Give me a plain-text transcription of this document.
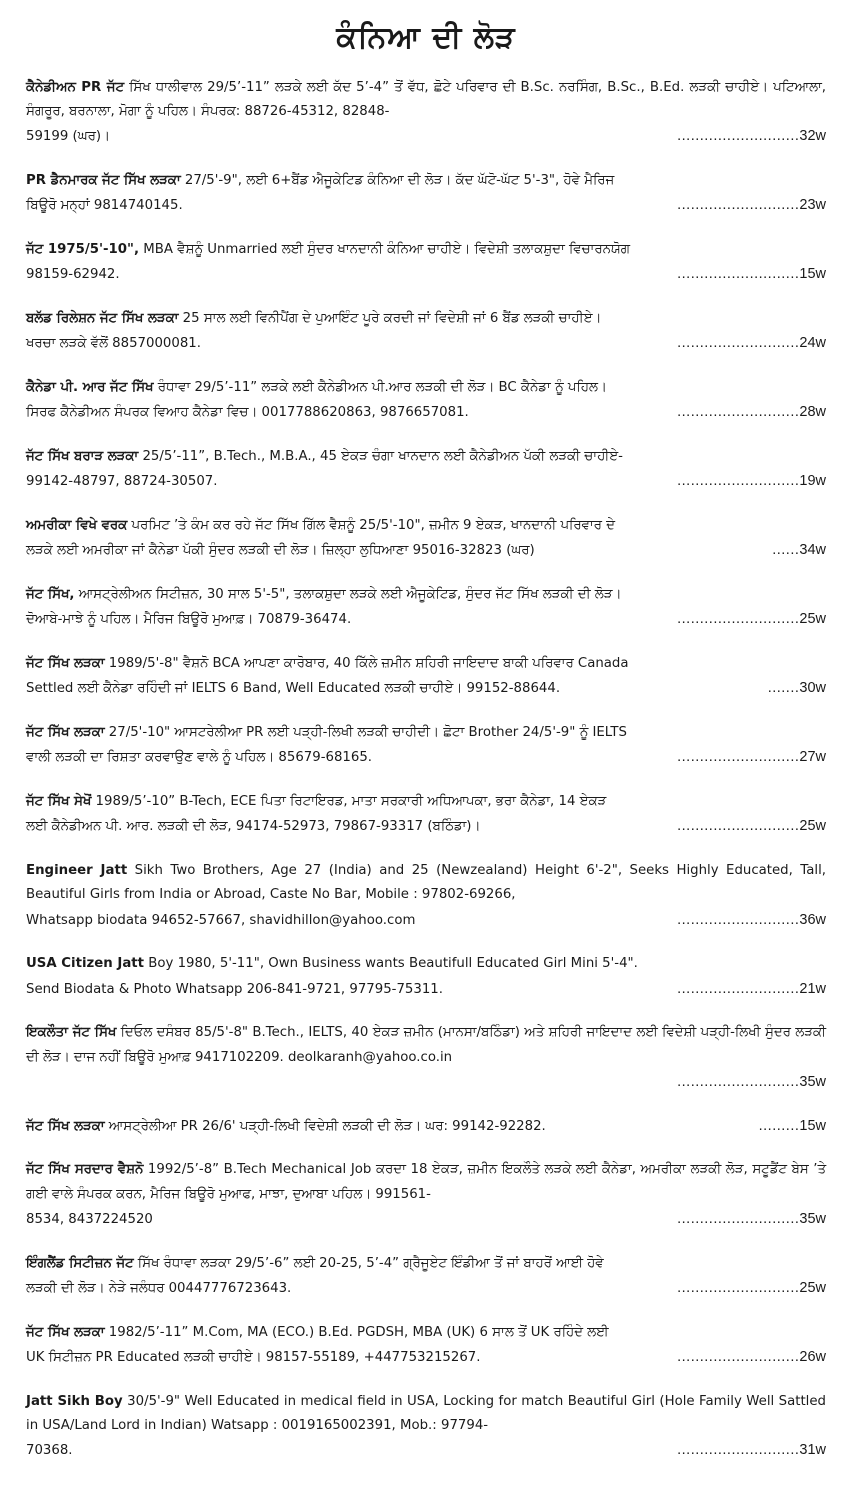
ਕੰਨਿਆ ਦੀ ਲੋੜ
ਕੈਨੇਡੀਅਨ PR ਜੱਟ ਸਿੱਖ ਧਾਲੀਵਾਲ 29/5’-11” ਲੜਕੇ ਲਈ ਕੱਦ 5’-4” ਤੋਂ ਵੱਧ, ਛੋਟੇ ਪਰਿਵਾਰ ਦੀ B.Sc. ਨਰਸਿੰਗ, B.Sc., B.Ed. ਲੜਕੀ ਚਾਹੀਏ। ਪਟਿਆਲਾ, ਸੰਗਰੂਰ, ਬਰਨਾਲਾ, ਮੋਗਾ ਨੂੰ ਪਹਿਲ। ਸੰਪਰਕ: 88726-45312, 82848-
59199 (ਘਰ)।	...........................32w
PR ਡੈਨਮਾਰਕ ਜੱਟ ਸਿੱਖ ਲੜਕਾ 27/5'-9", ਲਈ 6+ਬੈਂਡ ਐਜੂਕੇਟਿਡ ਕੰਨਿਆ ਦੀ ਲੋੜ। ਕੱਦ ਘੱਟੋ-ਘੱਟ 5'-3", ਹੋਵੇ ਮੈਰਿਜ
ਬਿਊਰੋ ਮਨ੍ਹਾਂ 9814740145.	...........................23w
ਜੱਟ 1975/5'-10", MBA ਵੈਸ਼ਨੂੰ Unmarried ਲਈ ਸੁੰਦਰ ਖਾਨਦਾਨੀ ਕੰਨਿਆ ਚਾਹੀਏ। ਵਿਦੇਸ਼ੀ ਤਲਾਕਸ਼ੁਦਾ ਵਿਚਾਰਨਯੋਗ
98159-62942.	...........................15w
ਬਲੱਡ ਰਿਲੇਸ਼ਨ ਜੱਟ ਸਿੱਖ ਲੜਕਾ 25 ਸਾਲ ਲਈ ਵਿਨੀਪੈਂਗ ਦੇ ਪੁਆਇੰਟ ਪੂਰੇ ਕਰਦੀ ਜਾਂ ਵਿਦੇਸ਼ੀ ਜਾਂ 6 ਬੈਂਡ ਲੜਕੀ ਚਾਹੀਏ।
ਖਰਚਾ ਲੜਕੇ ਵੱਲੋਂ 8857000081.	...........................24w
ਕੈਨੇਡਾ ਪੀ. ਆਰ ਜੱਟ ਸਿੱਖ ਰੰਧਾਵਾ 29/5’-11” ਲੜਕੇ ਲਈ ਕੈਨੇਡੀਅਨ ਪੀ.ਆਰ ਲੜਕੀ ਦੀ ਲੋੜ। BC ਕੈਨੇਡਾ ਨੂੰ ਪਹਿਲ।
ਸਿਰਫ ਕੈਨੇਡੀਅਨ ਸੰਪਰਕ ਵਿਆਹ ਕੈਨੇਡਾ ਵਿਚ। 0017788620863, 9876657081.	...........................28w
ਜੱਟ ਸਿੱਖ ਬਰਾੜ ਲੜਕਾ 25/5’-11”, B.Tech., M.B.A., 45 ਏਕੜ ਚੰਗਾ ਖਾਨਦਾਨ ਲਈ ਕੈਨੇਡੀਅਨ ਪੱਕੀ ਲੜਕੀ ਚਾਹੀਏ-
99142-48797, 88724-30507.	...........................19w
ਅਮਰੀਕਾ ਵਿਖੇ ਵਰਕ ਪਰਮਿਟ ’ਤੇ ਕੰਮ ਕਰ ਰਹੇ ਜੱਟ ਸਿੱਖ ਗਿੱਲ ਵੈਸ਼ਨੂੰ 25/5'-10", ਜ਼ਮੀਨ 9 ਏਕੜ, ਖਾਨਦਾਨੀ ਪਰਿਵਾਰ ਦੇ
ਲੜਕੇ ਲਈ ਅਮਰੀਕਾ ਜਾਂ ਕੈਨੇਡਾ ਪੱਕੀ ਸੁੰਦਰ ਲੜਕੀ ਦੀ ਲੋੜ। ਜ਼ਿਲ੍ਹਾ ਲੁਧਿਆਣਾ 95016-32823 (ਘਰ)	......34w
ਜੱਟ ਸਿੱਖ, ਆਸਟ੍ਰੇਲੀਅਨ ਸਿਟੀਜ਼ਨ, 30 ਸਾਲ 5'-5", ਤਲਾਕਸ਼ੁਦਾ ਲੜਕੇ ਲਈ ਐਜੂਕੇਟਿਡ, ਸੁੰਦਰ ਜੱਟ ਸਿੱਖ ਲੜਕੀ ਦੀ ਲੋੜ।
ਦੋਆਬੇ-ਮਾਝੇ ਨੂੰ ਪਹਿਲ। ਮੈਰਿਜ ਬਿਊਰੋ ਮੁਆਫ਼। 70879-36474.	...........................25w
ਜੱਟ ਸਿੱਖ ਲੜਕਾ 1989/5'-8" ਵੈਸ਼ਨੋ BCA ਆਪਣਾ ਕਾਰੋਬਾਰ, 40 ਕਿੱਲੇ ਜ਼ਮੀਨ ਸ਼ਹਿਰੀ ਜਾਇਦਾਦ ਬਾਕੀ ਪਰਿਵਾਰ Canada
Settled ਲਈ ਕੈਨੇਡਾ ਰਹਿੰਦੀ ਜਾਂ IELTS 6 Band, Well Educated ਲੜਕੀ ਚਾਹੀਏ। 99152-88644.	.......30w
ਜੱਟ ਸਿੱਖ ਲੜਕਾ 27/5'-10" ਆਸਟਰੇਲੀਆ PR ਲਈ ਪੜ੍ਹੀ-ਲਿਖੀ ਲੜਕੀ ਚਾਹੀਦੀ। ਛੋਟਾ Brother 24/5'-9" ਨੂੰ IELTS
ਵਾਲੀ ਲੜਕੀ ਦਾ ਰਿਸ਼ਤਾ ਕਰਵਾਉਣ ਵਾਲੇ ਨੂੰ ਪਹਿਲ। 85679-68165.	...........................27w
ਜੱਟ ਸਿੱਖ ਸੇਖੋਂ 1989/5’-10” B-Tech, ECE ਪਿਤਾ ਰਿਟਾਇਰਡ, ਮਾਤਾ ਸਰਕਾਰੀ ਅਧਿਆਪਕਾ, ਭਰਾ ਕੈਨੇਡਾ, 14 ਏਕੜ
ਲਈ ਕੈਨੇਡੀਅਨ ਪੀ. ਆਰ. ਲੜਕੀ ਦੀ ਲੋੜ, 94174-52973, 79867-93317 (ਬਠਿੰਡਾ)।	...........................25w
Engineer Jatt Sikh Two Brothers, Age 27 (India) and 25 (Newzealand) Height 6'-2", Seeks Highly Educated, Tall, Beautiful Girls from India or Abroad, Caste No Bar, Mobile : 97802-69266,
Whatsapp biodata 94652-57667, shavidhillon@yahoo.com	...........................36w
USA Citizen Jatt Boy 1980, 5'-11", Own Business wants Beautifull Educated Girl Mini 5'-4".
Send Biodata & Photo Whatsapp 206-841-9721, 97795-75311.	...........................21w
ਇਕਲੌਤਾ ਜੱਟ ਸਿੱਖ ਦਿਓਲ ਦਸੰਬਰ 85/5'-8" B.Tech., IELTS, 40 ਏਕੜ ਜ਼ਮੀਨ (ਮਾਨਸਾ/ਬਠਿੰਡਾ) ਅਤੇ ਸ਼ਹਿਰੀ ਜਾਇਦਾਦ ਲਈ ਵਿਦੇਸ਼ੀ ਪੜ੍ਹੀ-ਲਿਖੀ ਸੁੰਦਰ ਲੜਕੀ ਦੀ ਲੋੜ। ਦਾਜ ਨਹੀਂ ਬਿਊਰੋ ਮੁਆਫ਼ 9417102209. deolkaranh@yahoo.co.in
...........................35w
ਜੱਟ ਸਿੱਖ ਲੜਕਾ ਆਸਟ੍ਰੇਲੀਆ PR 26/6' ਪੜ੍ਹੀ-ਲਿਖੀ ਵਿਦੇਸ਼ੀ ਲੜਕੀ ਦੀ ਲੋੜ। ਘਰ: 99142-92282.	.........15w
ਜੱਟ ਸਿੱਖ ਸਰਦਾਰ ਵੈਸ਼ਨੋ 1992/5’-8” B.Tech Mechanical Job ਕਰਦਾ 18 ਏਕੜ, ਜ਼ਮੀਨ ਇਕਲੌਤੇ ਲੜਕੇ ਲਈ ਕੈਨੇਡਾ, ਅਮਰੀਕਾ ਲੜਕੀ ਲੋੜ, ਸਟੂਡੈਂਟ ਬੇਸ ’ਤੇ ਗਈ ਵਾਲੇ ਸੰਪਰਕ ਕਰਨ, ਮੈਰਿਜ ਬਿਊਰੋ ਮੁਆਫ, ਮਾਝਾ, ਦੁਆਬਾ ਪਹਿਲ। 991561-
8534, 8437224520	...........................35w
ਇੰਗਲੈਂਡ ਸਿਟੀਜ਼ਨ ਜੱਟ ਸਿੱਖ ਰੰਧਾਵਾ ਲੜਕਾ 29/5’-6” ਲਈ 20-25, 5’-4” ਗ੍ਰੈਜੂਏਟ ਇੰਡੀਆ ਤੋਂ ਜਾਂ ਬਾਹਰੋਂ ਆਈ ਹੋਵੇ
ਲੜਕੀ ਦੀ ਲੋੜ। ਨੇੜੇ ਜਲੰਧਰ 00447776723643.	...........................25w
ਜੱਟ ਸਿੱਖ ਲੜਕਾ 1982/5’-11” M.Com, MA (ECO.) B.Ed. PGDSH, MBA (UK) 6 ਸਾਲ ਤੋਂ UK ਰਹਿੰਦੇ ਲਈ
UK ਸਿਟੀਜ਼ਨ PR Educated ਲੜਕੀ ਚਾਹੀਏ। 98157-55189, +447753215267.	...........................26w
Jatt Sikh Boy 30/5'-9" Well Educated in medical field in USA, Locking for match Beautiful Girl (Hole Family Well Sattled in USA/Land Lord in Indian) Watsapp : 0019165002391, Mob.: 97794-
70368.	...........................31w
